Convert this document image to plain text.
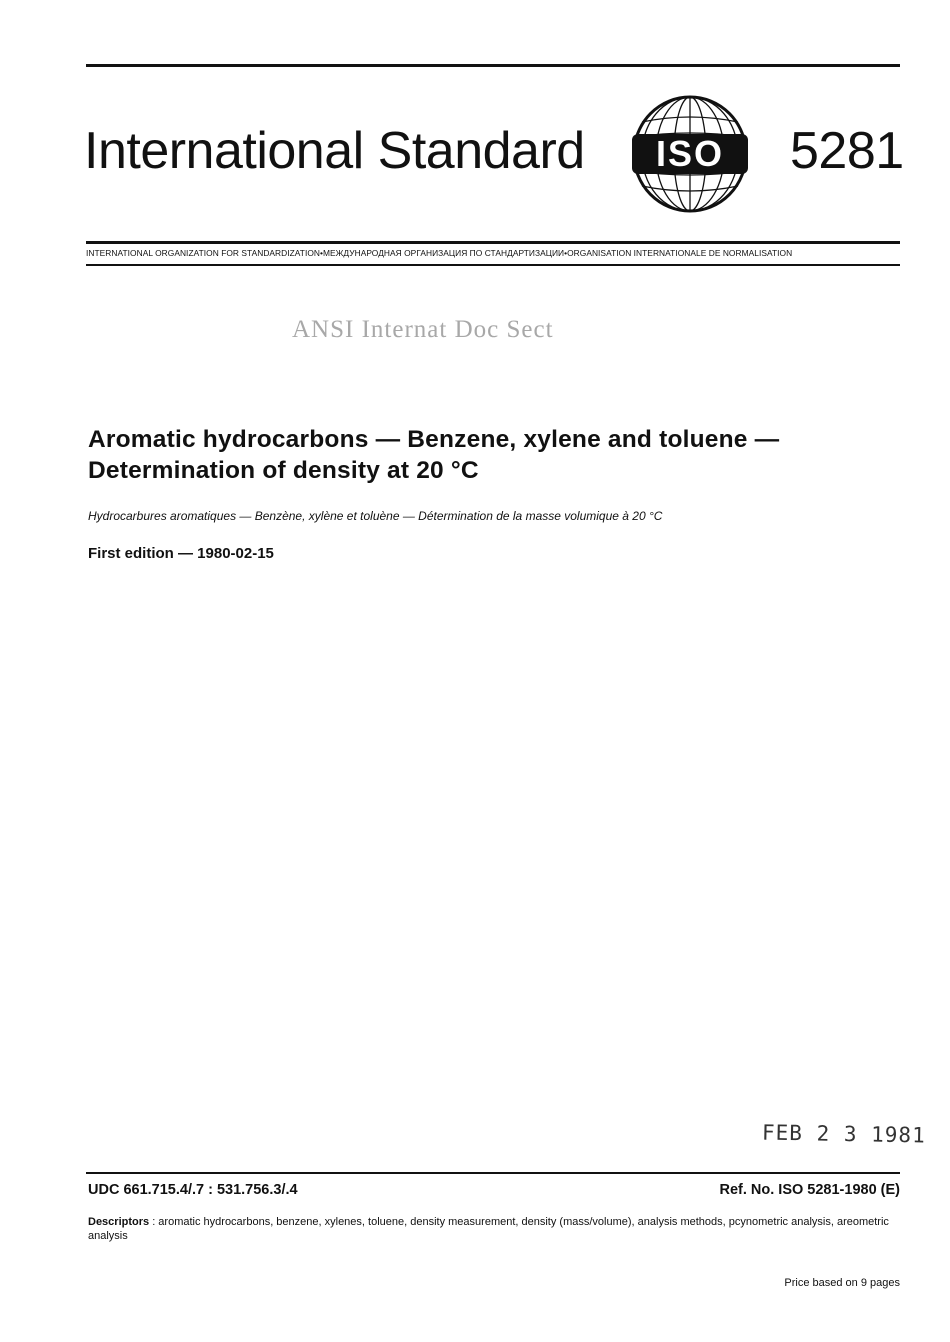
International Standard ISO 5281
INTERNATIONAL ORGANIZATION FOR STANDARDIZATION•МЕЖДУНАРОДНАЯ ОРГАНИЗАЦИЯ ПО СТАНДАРТИЗАЦИИ•ORGANISATION INTERNATIONALE DE NORMALISATION
ANSI Internat Doc Sect
Aromatic hydrocarbons — Benzene, xylene and toluene —
Determination of density at 20 °C
Hydrocarbures aromatiques — Benzène, xylène et toluène — Détermination de la masse volumique à 20 °C
First edition — 1980-02-15
FEB 2 3 1981
UDC 661.715.4/.7 : 531.756.3/.4	Ref. No. ISO 5281-1980 (E)
Descriptors : aromatic hydrocarbons, benzene, xylenes, toluene, density measurement, density (mass/volume), analysis methods, pcynometric analysis, areometric analysis
Price based on 9 pages
